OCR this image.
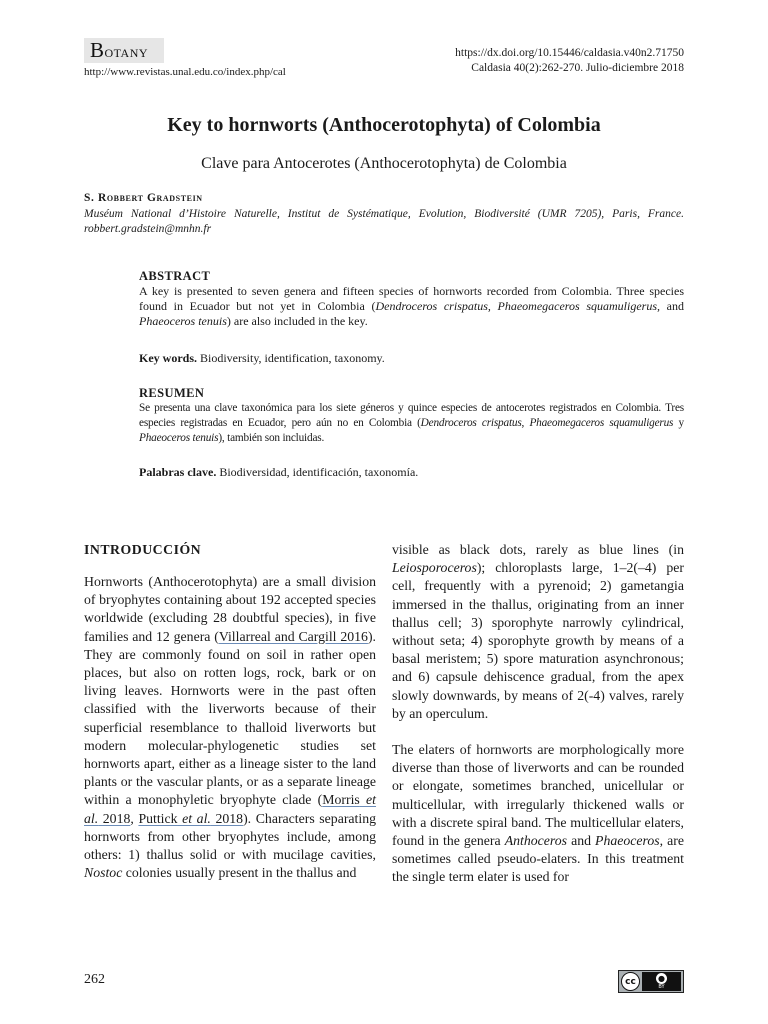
Botany
http://www.revistas.unal.edu.co/index.php/cal
https://dx.doi.org/10.15446/caldasia.v40n2.71750
Caldasia 40(2):262-270. Julio-diciembre 2018
Key to hornworts (Anthocerotophyta) of Colombia
Clave para Antocerotes (Anthocerotophyta) de Colombia
S. Robbert Gradstein
Muséum National d’Histoire Naturelle, Institut de Systématique, Evolution, Biodiversité (UMR 7205), Paris, France. robbert.gradstein@mnhn.fr
ABSTRACT
A key is presented to seven genera and fifteen species of hornworts recorded from Colombia. Three species found in Ecuador but not yet in Colombia (Dendroceros crispatus, Phaeomegaceros squamuligerus, and Phaeoceros tenuis) are also included in the key.
Key words. Biodiversity, identification, taxonomy.
RESUMEN
Se presenta una clave taxonómica para los siete géneros y quince especies de antocerotes registrados en Colombia. Tres especies registradas en Ecuador, pero aún no en Colombia (Dendroceros crispatus, Phaeomegaceros squamuligerus y Phaeoceros tenuis), también son incluidas.
Palabras clave. Biodiversidad, identificación, taxonomía.
INTRODUCCIÓN

Hornworts (Anthocerotophyta) are a small division of bryophytes containing about 192 accepted species worldwide (excluding 28 doubtful species), in five families and 12 genera (Villarreal and Cargill 2016). They are commonly found on soil in rather open places, but also on rotten logs, rock, bark or on living leaves. Hornworts were in the past often classified with the liverworts because of their superficial resemblance to thalloid liverworts but modern molecular-phylogenetic studies set hornworts apart, either as a lineage sister to the land plants or the vascular plants, or as a separate lineage within a monophyletic bryophyte clade (Morris et al. 2018, Puttick et al. 2018). Characters separating hornworts from other bryophytes include, among others: 1) thallus solid or with mucilage cavities, Nostoc colonies usually present in the thallus and

visible as black dots, rarely as blue lines (in Leiosporoceros); chloroplasts large, 1–2(–4) per cell, frequently with a pyrenoid; 2) gametangia immersed in the thallus, originating from an inner thallus cell; 3) sporophyte narrowly cylindrical, without seta; 4) sporophyte growth by means of a basal meristem; 5) spore maturation asynchronous; and 6) capsule dehiscence gradual, from the apex slowly downwards, by means of 2(-4) valves, rarely by an operculum.

The elaters of hornworts are morphologically more diverse than those of liverworts and can be rounded or elongate, sometimes branched, unicellular or multicellular, with irregularly thickened walls or with a discrete spiral band. The multicellular elaters, found in the genera Anthoceros and Phaeoceros, are sometimes called pseudo-elaters. In this treatment the single term elater is used for

262	cc	●
BY
